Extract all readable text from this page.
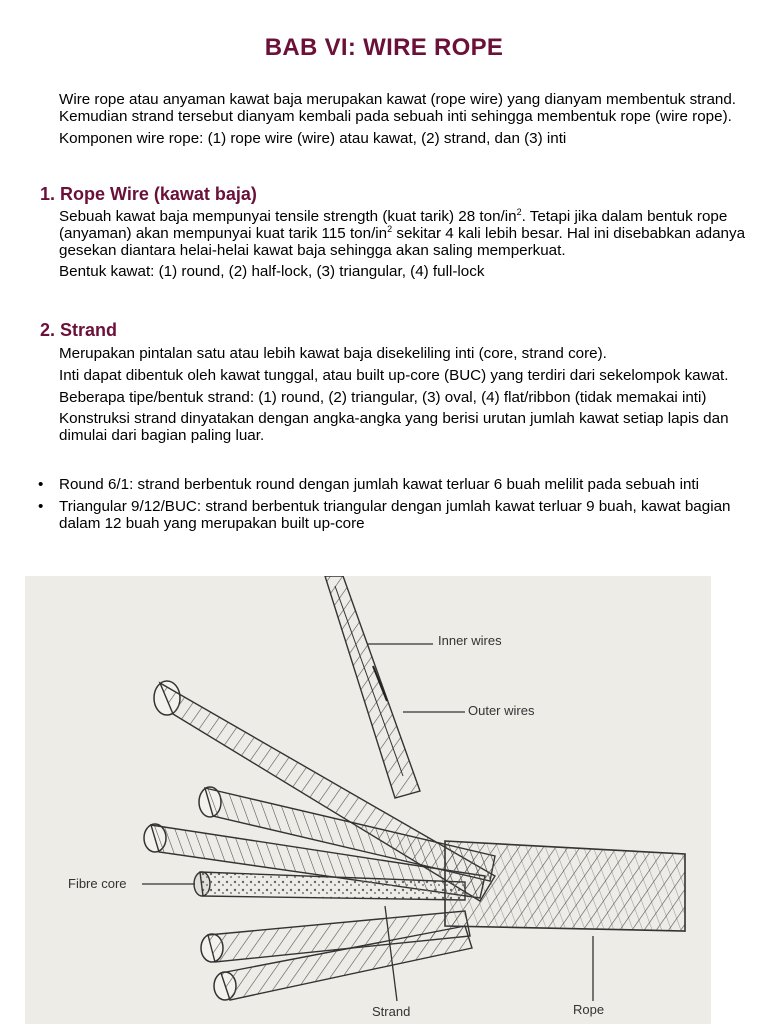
BAB VI: WIRE ROPE

Wire rope atau anyaman kawat baja merupakan kawat (rope wire) yang dianyam membentuk strand. Kemudian strand tersebut dianyam kembali pada sebuah inti sehingga membentuk rope (wire rope).

Komponen wire rope: (1) rope wire (wire) atau kawat, (2) strand, dan (3) inti

1. Rope Wire (kawat baja)

Sebuah kawat baja mempunyai tensile strength (kuat tarik) 28 ton/$in^2$. Tetapi jika dalam bentuk rope (anyaman) akan mempunyai kuat tarik 115 ton/$in^2$ sekitar 4 kali lebih besar. Hal ini disebabkan adanya gesekan diantara helai-helai kawat baja sehingga akan saling memperkuat.

Bentuk kawat: (1) round, (2) half-lock, (3) triangular, (4) full-lock

2. Strand

Merupakan pintalan satu atau lebih kawat baja disekeliling inti (core, strand core).

Inti dapat dibentuk oleh kawat tunggal, atau built up-core (BUC) yang terdiri dari sekelompok kawat.

Beberapa tipe/bentuk strand: (1) round, (2) triangular, (3) oval, (4) flat/ribbon (tidak memakai inti)

Konstruksi strand dinyatakan dengan angka-angka yang berisi urutan jumlah kawat setiap lapis dan dimulai dari bagian paling luar.

• Round 6/1: strand berbentuk round dengan jumlah kawat terluar 6 buah melilit pada sebuah inti
• Triangular 9/12/BUC: strand berbentuk triangular dengan jumlah kawat terluar 9 buah, kawat bagian dalam 12 buah yang merupakan built up-core
Inner wires
Outer wires
Fibre core
Strand	Rope
